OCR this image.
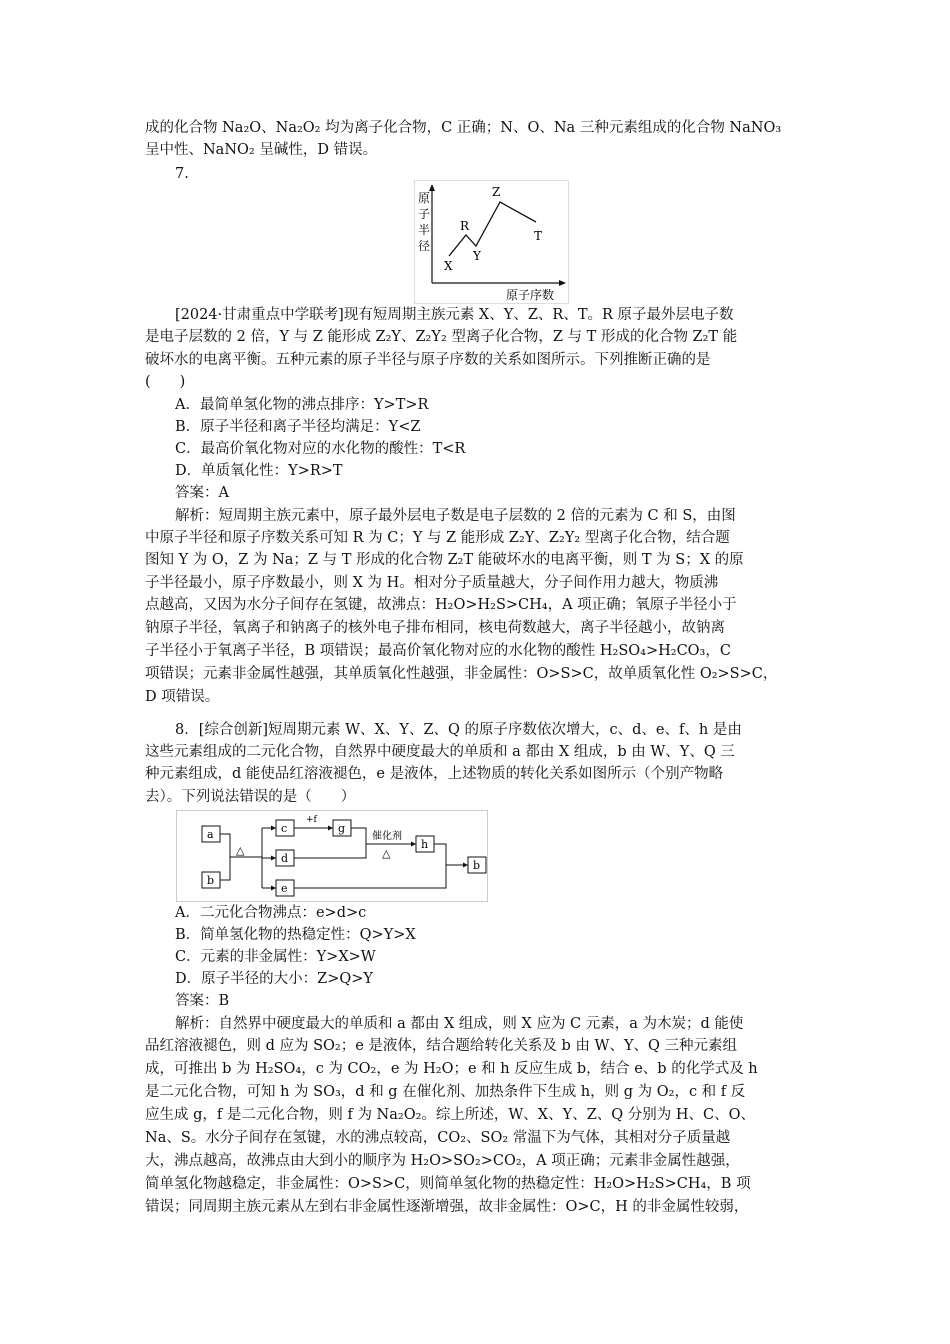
成的化合物 Na₂O、Na₂O₂ 均为离子化合物，C 正确；N、O、Na 三种元素组成的化合物 NaNO₃
呈中性、NaNO₂ 呈碱性，D 错误。
7.
原
子
半
径
X
R
Y
Z
T
原子序数
[2024·甘肃重点中学联考]现有短周期主族元素 X、Y、Z、R、T。R 原子最外层电子数
是电子层数的 2 倍，Y 与 Z 能形成 Z₂Y、Z₂Y₂ 型离子化合物，Z 与 T 形成的化合物 Z₂T 能
破坏水的电离平衡。五种元素的原子半径与原子序数的关系如图所示。下列推断正确的是
(　　)
A．最简单氢化物的沸点排序：Y>T>R
B．原子半径和离子半径均满足：Y<Z
C．最高价氧化物对应的水化物的酸性：T<R
D．单质氧化性：Y>R>T
答案：A
解析：短周期主族元素中，原子最外层电子数是电子层数的 2 倍的元素为 C 和 S，由图
中原子半径和原子序数关系可知 R 为 C；Y 与 Z 能形成 Z₂Y、Z₂Y₂ 型离子化合物，结合题
图知 Y 为 O，Z 为 Na；Z 与 T 形成的化合物 Z₂T 能破坏水的电离平衡，则 T 为 S；X 的原
子半径最小，原子序数最小，则 X 为 H。相对分子质量越大，分子间作用力越大，物质沸
点越高，又因为水分子间存在氢键，故沸点：H₂O>H₂S>CH₄，A 项正确；氧原子半径小于
钠原子半径，氧离子和钠离子的核外电子排布相同，核电荷数越大，离子半径越小，故钠离
子半径小于氧离子半径，B 项错误；最高价氧化物对应的水化物的酸性 H₂SO₄>H₂CO₃，C
项错误；元素非金属性越强，其单质氧化性越强，非金属性：O>S>C，故单质氧化性 O₂>S>C，
D 项错误。
8．[综合创新]短周期元素 W、X、Y、Z、Q 的原子序数依次增大，c、d、e、f、h 是由
这些元素组成的二元化合物，自然界中硬度最大的单质和 a 都由 X 组成，b 由 W、Y、Q 三
种元素组成，d 能使品红溶液褪色，e 是液体，上述物质的转化关系如图所示（个别产物略
去）。下列说法错误的是（　　）
a
b
c
d
e
g
h
b
+f
催化剂
△	△
A．二元化合物沸点：e>d>c
B．简单氢化物的热稳定性：Q>Y>X
C．元素的非金属性：Y>X>W
D．原子半径的大小：Z>Q>Y
答案：B
解析：自然界中硬度最大的单质和 a 都由 X 组成，则 X 应为 C 元素，a 为木炭；d 能使
品红溶液褪色，则 d 应为 SO₂；e 是液体，结合题给转化关系及 b 由 W、Y、Q 三种元素组
成，可推出 b 为 H₂SO₄，c 为 CO₂，e 为 H₂O；e 和 h 反应生成 b，结合 e、b 的化学式及 h
是二元化合物，可知 h 为 SO₃，d 和 g 在催化剂、加热条件下生成 h，则 g 为 O₂，c 和 f 反
应生成 g，f 是二元化合物，则 f 为 Na₂O₂。综上所述，W、X、Y、Z、Q 分别为 H、C、O、
Na、S。水分子间存在氢键，水的沸点较高，CO₂、SO₂ 常温下为气体，其相对分子质量越
大，沸点越高，故沸点由大到小的顺序为 H₂O>SO₂>CO₂，A 项正确；元素非金属性越强，
简单氢化物越稳定，非金属性：O>S>C，则简单氢化物的热稳定性：H₂O>H₂S>CH₄，B 项
错误；同周期主族元素从左到右非金属性逐渐增强，故非金属性：O>C，H 的非金属性较弱，
